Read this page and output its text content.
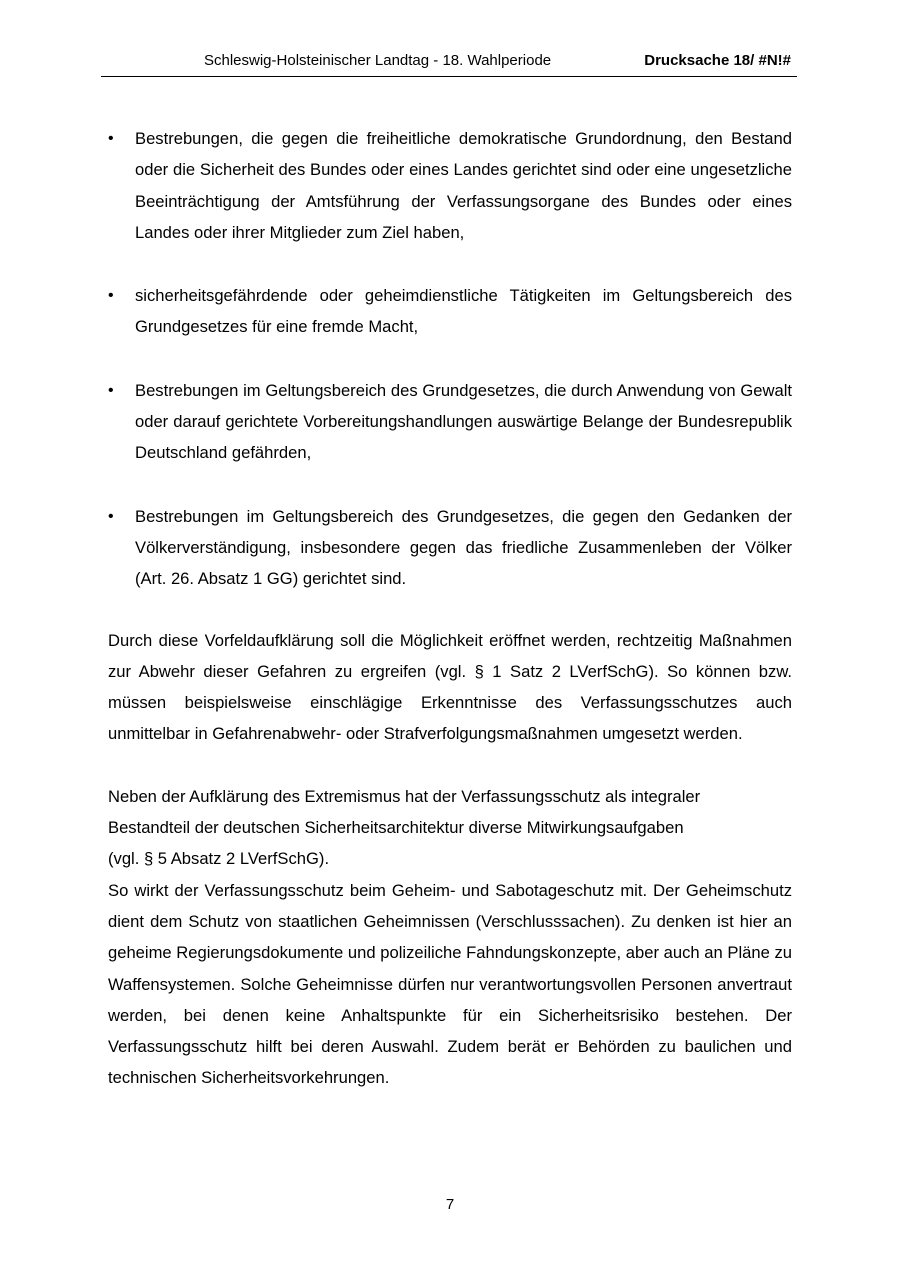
Schleswig-Holsteinischer Landtag - 18. Wahlperiode	Drucksache 18/ #N!#
• Bestrebungen, die gegen die freiheitliche demokratische Grundordnung, den Bestand oder die Sicherheit des Bundes oder eines Landes gerichtet sind oder eine ungesetzliche Beeinträchtigung der Amtsführung der Verfassungsorgane des Bundes oder eines Landes oder ihrer Mitglieder zum Ziel haben,
• sicherheitsgefährdende oder geheimdienstliche Tätigkeiten im Geltungsbereich des Grundgesetzes für eine fremde Macht,
• Bestrebungen im Geltungsbereich des Grundgesetzes, die durch Anwendung von Gewalt oder darauf gerichtete Vorbereitungshandlungen auswärtige Belange der Bundesrepublik Deutschland gefährden,
• Bestrebungen im Geltungsbereich des Grundgesetzes, die gegen den Gedanken der Völkerverständigung, insbesondere gegen das friedliche Zusammenleben der Völker (Art. 26. Absatz 1 GG) gerichtet sind.

Durch diese Vorfeldaufklärung soll die Möglichkeit eröffnet werden, rechtzeitig Maßnahmen zur Abwehr dieser Gefahren zu ergreifen (vgl. § 1 Satz 2 LVerfSchG). So können bzw. müssen beispielsweise einschlägige Erkenntnisse des Verfassungsschutzes auch unmittelbar in Gefahrenabwehr- oder Strafverfolgungsmaßnahmen umgesetzt werden.

Neben der Aufklärung des Extremismus hat der Verfassungsschutz als integraler

Bestandteil der deutschen Sicherheitsarchitektur diverse Mitwirkungsaufgaben

(vgl. § 5 Absatz 2 LVerfSchG).

So wirkt der Verfassungsschutz beim Geheim- und Sabotageschutz mit. Der Geheimschutz dient dem Schutz von staatlichen Geheimnissen (Verschlusssachen). Zu denken ist hier an geheime Regierungsdokumente und polizeiliche Fahndungskonzepte, aber auch an Pläne zu Waffensystemen. Solche Geheimnisse dürfen nur verantwortungsvollen Personen anvertraut werden, bei denen keine Anhaltspunkte für ein Sicherheitsrisiko bestehen. Der Verfassungsschutz hilft bei deren Auswahl. Zudem berät er Behörden zu baulichen und technischen Sicherheitsvorkehrungen.

7
